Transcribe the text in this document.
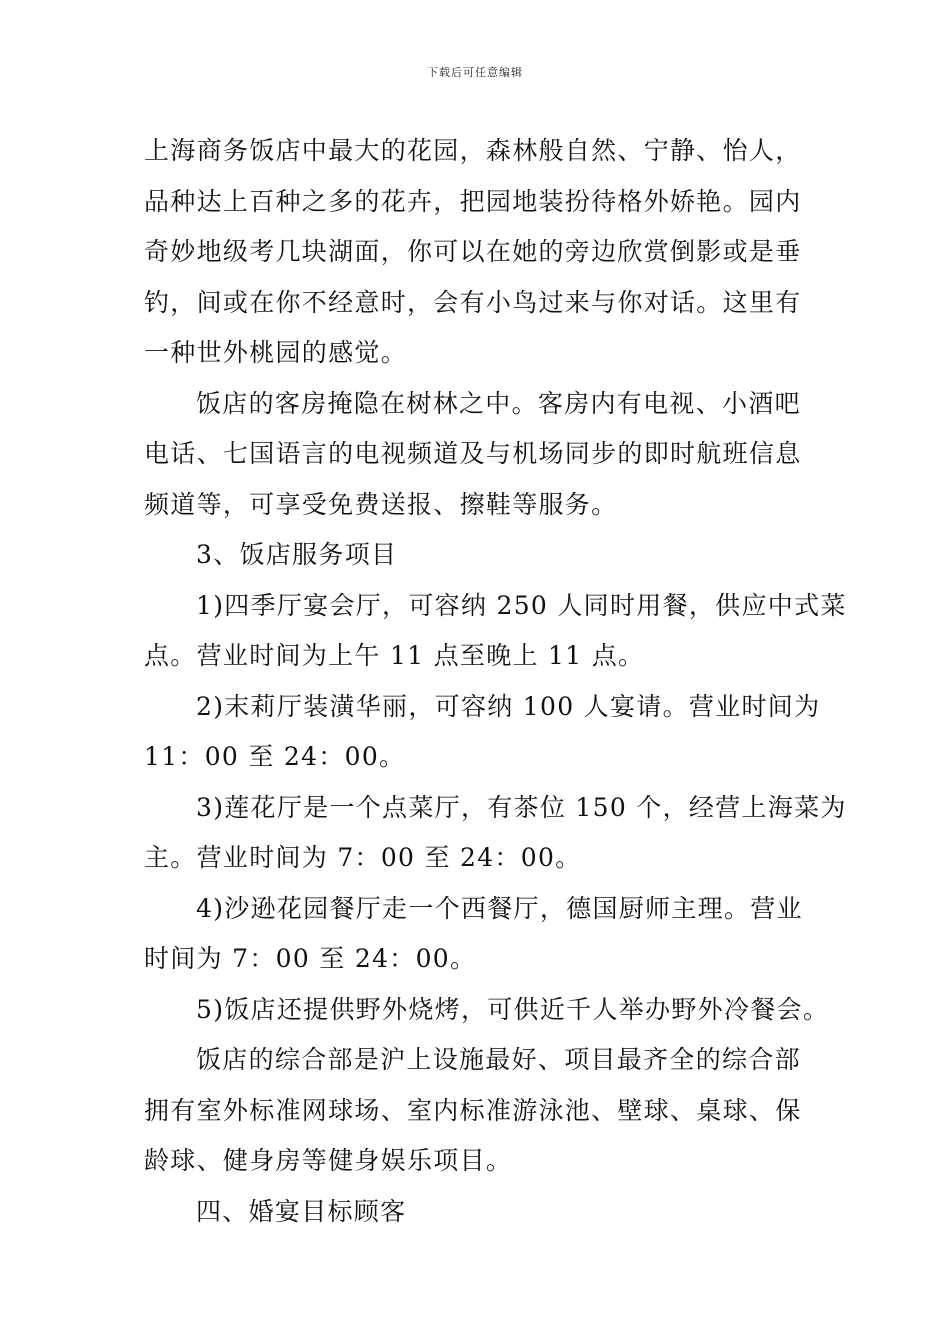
下载后可任意编辑
上海商务饭店中最大的花园，森林般自然、宁静、怡人，
品种达上百种之多的花卉，把园地装扮待格外娇艳。园内
奇妙地级考几块湖面，你可以在她的旁边欣赏倒影或是垂
钓，间或在你不经意时，会有小鸟过来与你对话。这里有
一种世外桃园的感觉。
饭店的客房掩隐在树林之中。客房内有电视、小酒吧
电话、七国语言的电视频道及与机场同步的即时航班信息
频道等，可享受免费送报、擦鞋等服务。
3、饭店服务项目
1)四季厅宴会厅，可容纳 250 人同时用餐，供应中式菜
点。营业时间为上午 11 点至晚上 11 点。
2)末莉厅装潢华丽，可容纳 100 人宴请。营业时间为
11：00 至 24：00。
3)莲花厅是一个点菜厅，有茶位 150 个，经营上海菜为
主。营业时间为 7：00 至 24：00。
4)沙逊花园餐厅走一个西餐厅，德国厨师主理。营业
时间为 7：00 至 24：00。
5)饭店还提供野外烧烤，可供近千人举办野外冷餐会。
饭店的综合部是沪上设施最好、项目最齐全的综合部
拥有室外标准网球场、室内标准游泳池、壁球、桌球、保
龄球、健身房等健身娱乐项目。
四、婚宴目标顾客
